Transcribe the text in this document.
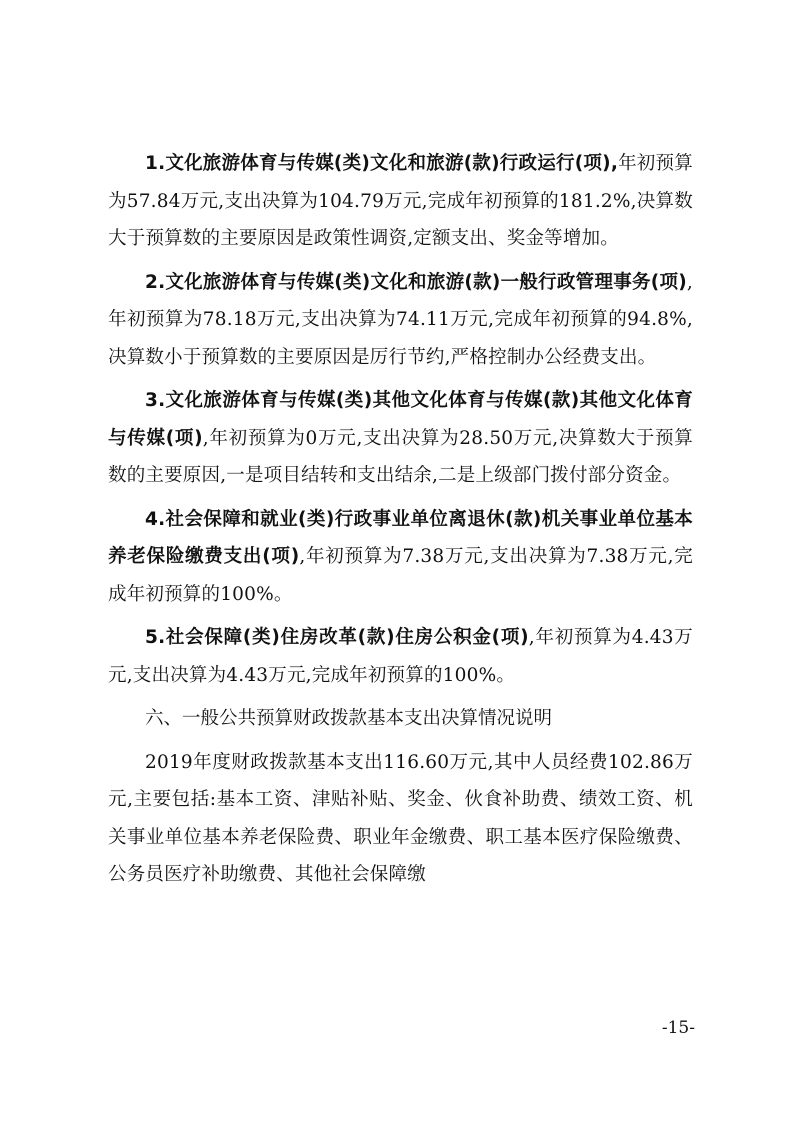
1.文化旅游体育与传媒(类)文化和旅游(款)行政运行(项),年初预算为57.84万元,支出决算为104.79万元,完成年初预算的181.2%,决算数大于预算数的主要原因是政策性调资,定额支出、奖金等增加。

2.文化旅游体育与传媒(类)文化和旅游(款)一般行政管理事务(项),年初预算为78.18万元,支出决算为74.11万元,完成年初预算的94.8%,决算数小于预算数的主要原因是厉行节约,严格控制办公经费支出。

3.文化旅游体育与传媒(类)其他文化体育与传媒(款)其他文化体育与传媒(项),年初预算为0万元,支出决算为28.50万元,决算数大于预算数的主要原因,一是项目结转和支出结余,二是上级部门拨付部分资金。

4.社会保障和就业(类)行政事业单位离退休(款)机关事业单位基本养老保险缴费支出(项),年初预算为7.38万元,支出决算为7.38万元,完成年初预算的100%。

5.社会保障(类)住房改革(款)住房公积金(项),年初预算为4.43万元,支出决算为4.43万元,完成年初预算的100%。

六、一般公共预算财政拨款基本支出决算情况说明

2019年度财政拨款基本支出116.60万元,其中人员经费102.86万元,主要包括:基本工资、津贴补贴、奖金、伙食补助费、绩效工资、机关事业单位基本养老保险费、职业年金缴费、职工基本医疗保险缴费、公务员医疗补助缴费、其他社会保障缴

-15-
